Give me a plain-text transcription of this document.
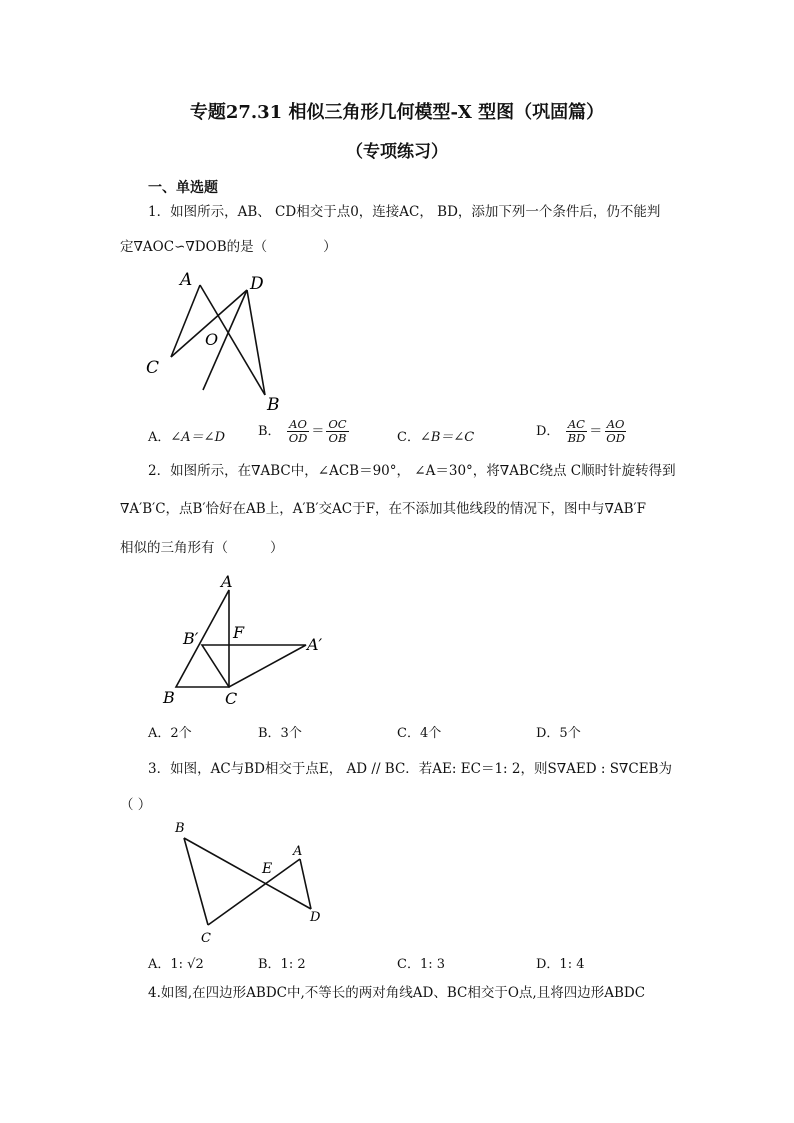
专题27.31 相似三角形几何模型-X 型图（巩固篇）
（专项练习）
一、单选题
1．如图所示，AB、 CD相交于点0，连接AC， BD，添加下列一个条件后，仍不能判
定∇AOC∽∇DOB的是（	）
A	D
O
C
B
A．∠A＝∠D	B． $\frac{AO}{OD} = \frac{OC}{OB}$	C．∠B＝∠C	D． $\frac{AC}{BD} = \frac{AO}{OD}$
2．如图所示，在∇ABC中，∠ACB＝90°， ∠A＝30°，将∇ABC绕点 C顺时针旋转得到
∇A′B′C，点B′恰好在AB上，A′B′交AC于F，在不添加其他线段的情况下，图中与∇AB′F
相似的三角形有（	）
A
B′ F
A′
B	C
A．2个	B．3个	C．4个	D．5个
3．如图，AC与BD相交于点E， AD // BC．若AE: EC＝1: 2，则S∇AED : S∇CEB为
（ ）
B
E
A
C
D
A．1: √2	B．1: 2	C．1: 3	D．1: 4
4.如图,在四边形ABDC中,不等长的两对角线AD、BC相交于O点,且将四边形ABDC
